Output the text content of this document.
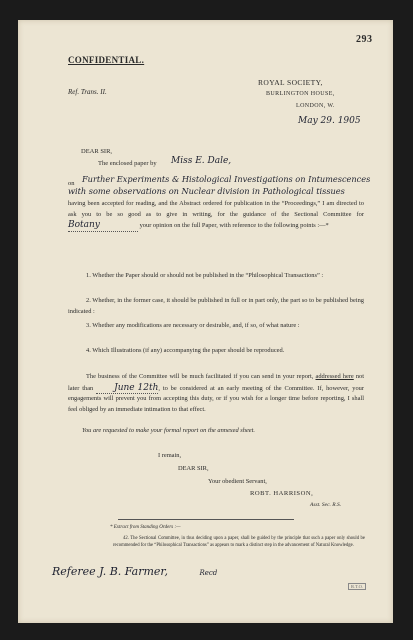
293
CONFIDENTIAL.
Ref. Trans. II.
ROYAL SOCIETY,
BURLINGTON HOUSE,
LONDON, W.
May 29. 1905
DEAR SIR,
The enclosed paper by Miss E. Dale,
on Further Experiments & Histological Investigations on Intumescences
with some observations on Nuclear division in Pathological tissues
having been accepted for reading, and the Abstract ordered for publication in the “Proceedings,” I am directed to ask you to be so good as to give in writing, for the guidance of the Sectional Committee for Botany	your opinion on the full Paper, with reference to the following points :—*
1. Whether the Paper should or should not be published in the “Philosophical Transactions” :
2. Whether, in the former case, it should be published in full or in part only, the part so to be published being indicated :
3. Whether any modifications are necessary or desirable, and, if so, of what nature :
4. Which Illustrations (if any) accompanying the paper should be reproduced.
The business of the Committee will be much facilitated if you can send in your report, addressed here not later than June 12th, to be considered at an early meeting of the Committee. If, however, your engagements will prevent you from accepting this duty, or if you wish for a longer time before reporting, I shall feel obliged by an immediate intimation to that effect.
You are requested to make your formal report on the annexed sheet.
I remain,
DEAR SIR,
Your obedient Servant,
ROBT. HARRISON,
Asst. Sec. R.S.
* Extract from Standing Orders :—
42. The Sectional Committee, in thus deciding upon a paper, shall be guided by the principle that such a paper only should be recommended for the “Philosophical Transactions” as appears to mark a distinct step in the advancement of Natural Knowledge.
Referee J. B. Farmer,	Recd
R.T.O.
